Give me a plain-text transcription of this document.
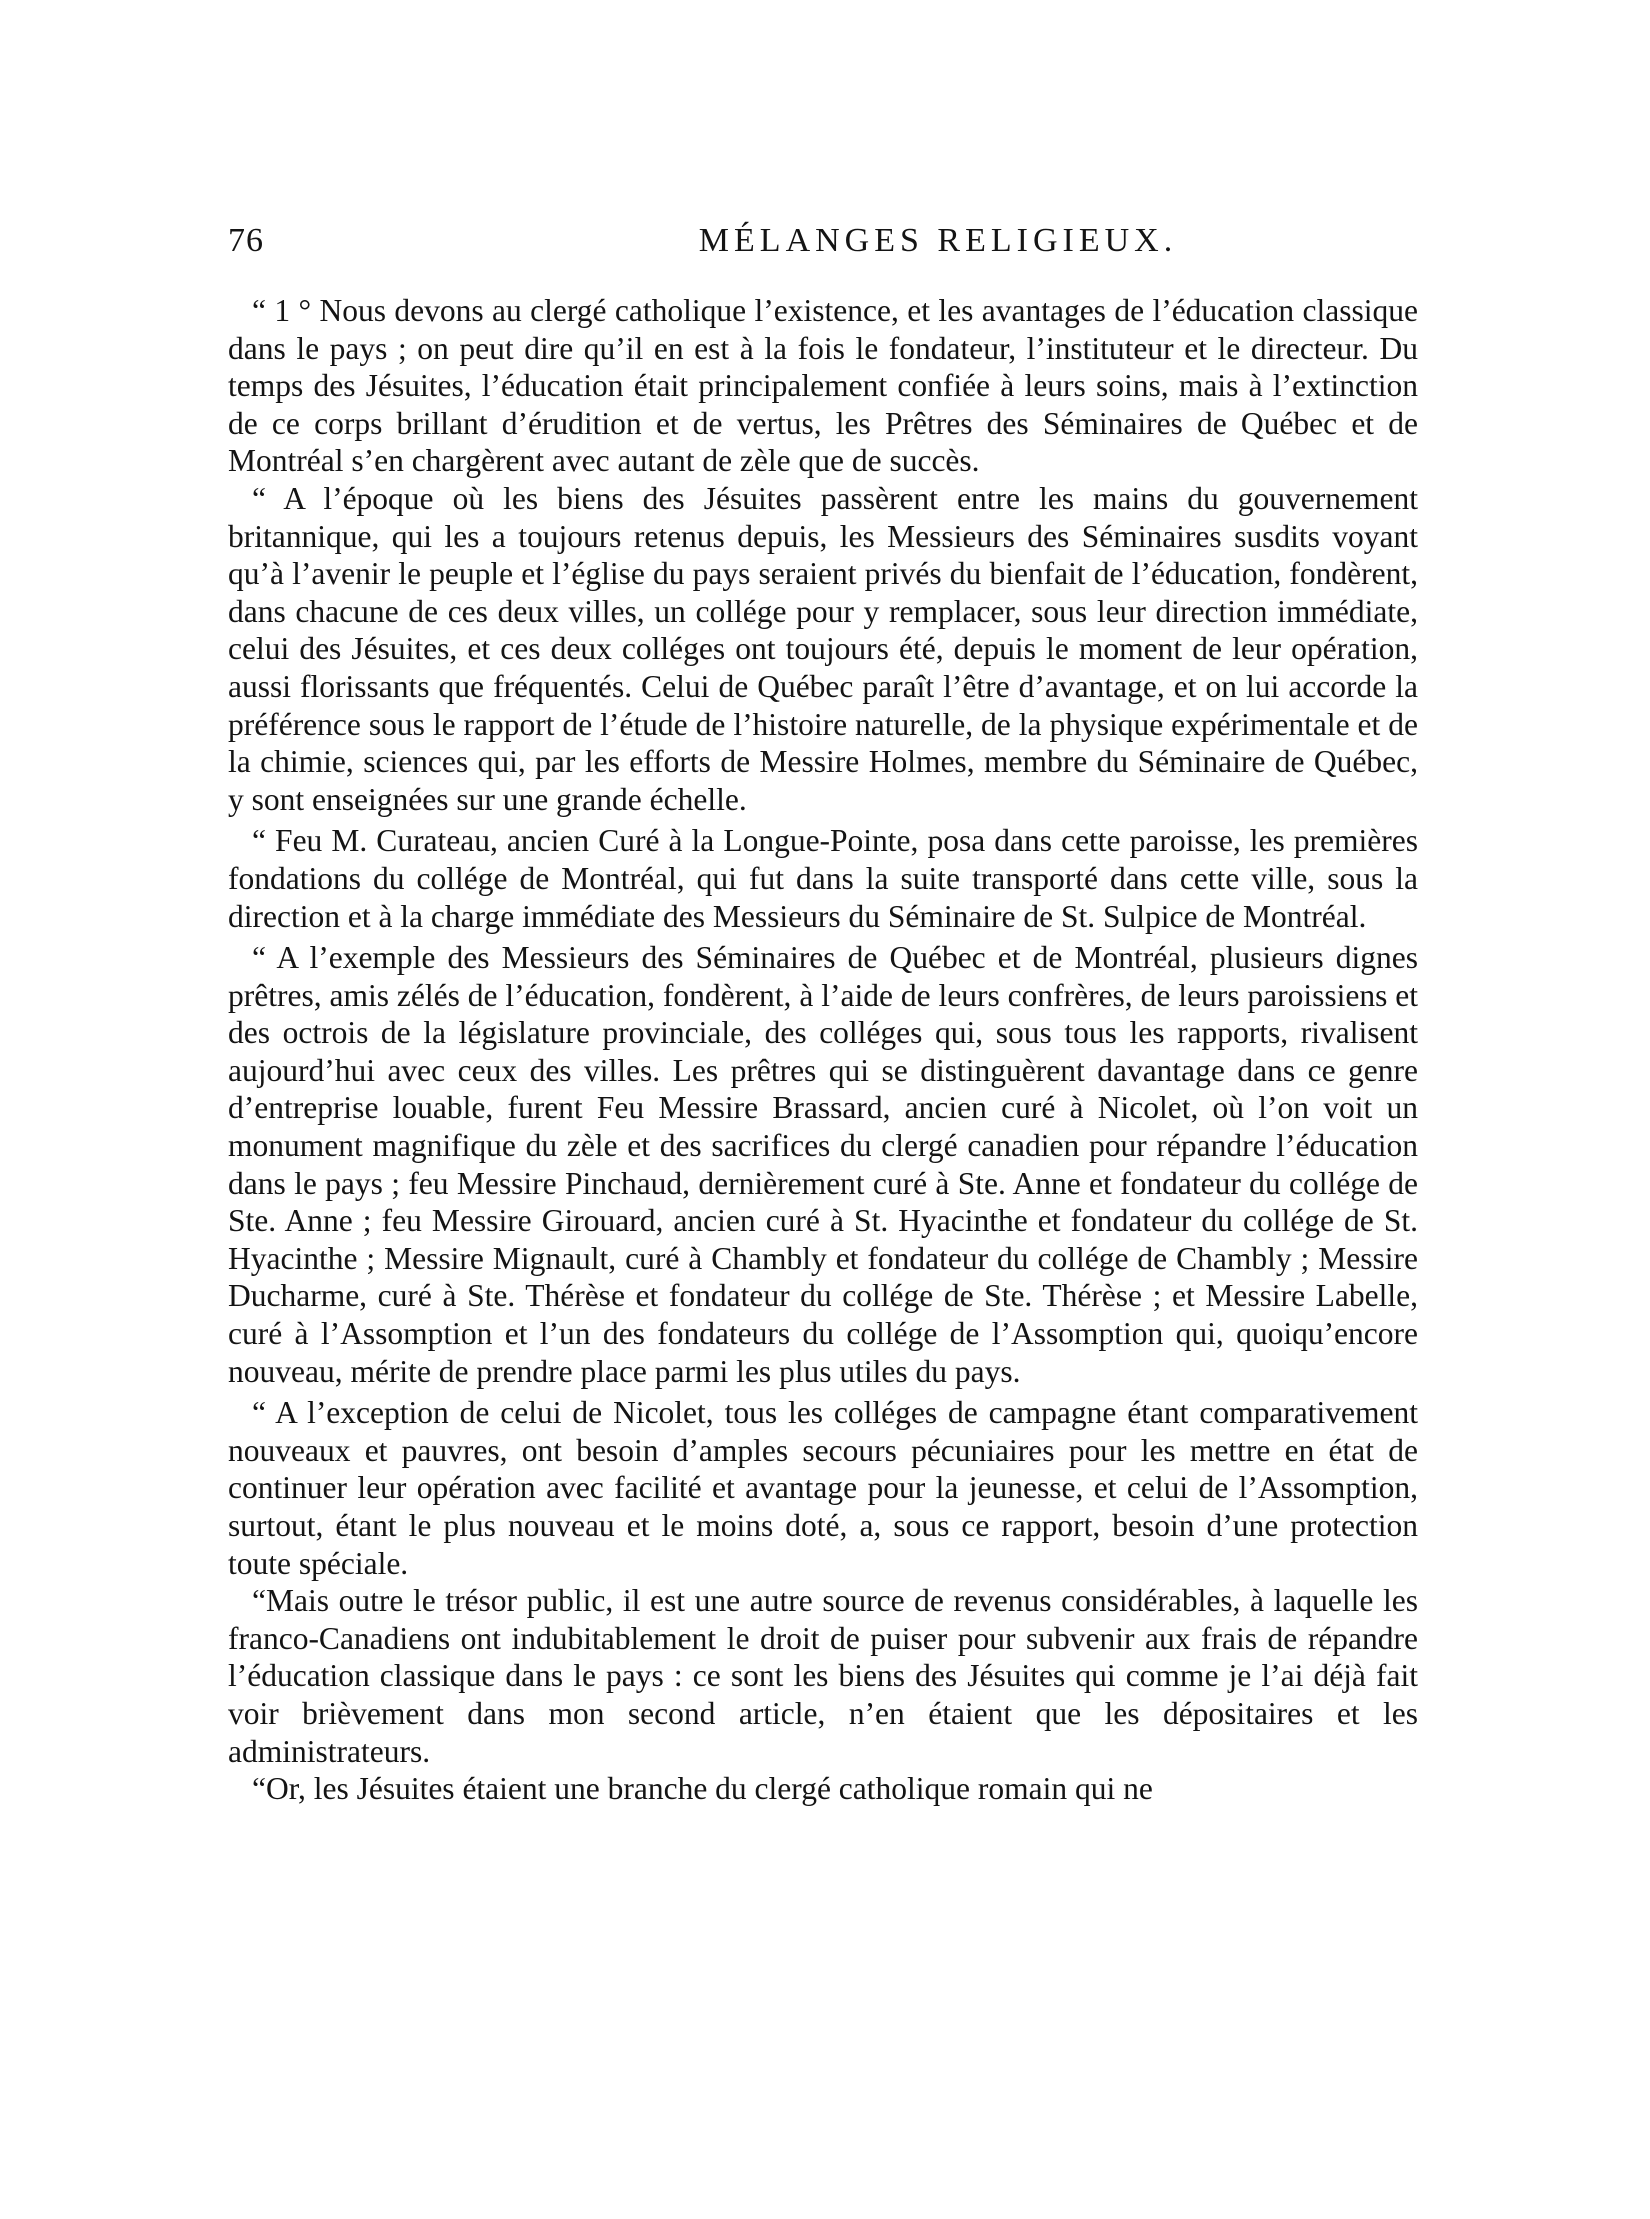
76	MÉLANGES RELIGIEUX.

“ 1 ° Nous devons au clergé catholique l’existence, et les avantages de l’éducation classique dans le pays ; on peut dire qu’il en est à la fois le fondateur, l’instituteur et le directeur. Du temps des Jésuites, l’éducation était principalement confiée à leurs soins, mais à l’extinction de ce corps brillant d’érudition et de vertus, les Prêtres des Séminaires de Québec et de Montréal s’en chargèrent avec autant de zèle que de succès.

“ A l’époque où les biens des Jésuites passèrent entre les mains du gouvernement britannique, qui les a toujours retenus depuis, les Messieurs des Séminaires susdits voyant qu’à l’avenir le peuple et l’église du pays seraient privés du bienfait de l’éducation, fondèrent, dans chacune de ces deux villes, un collége pour y remplacer, sous leur direction immédiate, celui des Jésuites, et ces deux colléges ont toujours été, depuis le moment de leur opération, aussi florissants que fréquentés. Celui de Québec paraît l’être d’avantage, et on lui accorde la préférence sous le rapport de l’étude de l’histoire naturelle, de la physique expérimentale et de la chimie, sciences qui, par les efforts de Messire Holmes, membre du Séminaire de Québec, y sont enseignées sur une grande échelle.

“ Feu M. Curateau, ancien Curé à la Longue-Pointe, posa dans cette paroisse, les premières fondations du collége de Montréal, qui fut dans la suite transporté dans cette ville, sous la direction et à la charge immédiate des Messieurs du Séminaire de St. Sulpice de Montréal.

“ A l’exemple des Messieurs des Séminaires de Québec et de Montréal, plusieurs dignes prêtres, amis zélés de l’éducation, fondèrent, à l’aide de leurs confrères, de leurs paroissiens et des octrois de la législature provinciale, des colléges qui, sous tous les rapports, rivalisent aujourd’hui avec ceux des villes. Les prêtres qui se distinguèrent davantage dans ce genre d’entreprise louable, furent Feu Messire Brassard, ancien curé à Nicolet, où l’on voit un monument magnifique du zèle et des sacrifices du clergé canadien pour répandre l’éducation dans le pays ; feu Messire Pinchaud, dernièrement curé à Ste. Anne et fondateur du collége de Ste. Anne ; feu Messire Girouard, ancien curé à St. Hyacinthe et fondateur du collége de St. Hyacinthe ; Messire Mignault, curé à Chambly et fondateur du collége de Chambly ; Messire Ducharme, curé à Ste. Thérèse et fondateur du collége de Ste. Thérèse ; et Messire Labelle, curé à l’Assomption et l’un des fondateurs du collége de l’Assomption qui, quoiqu’encore nouveau, mérite de prendre place parmi les plus utiles du pays.

“ A l’exception de celui de Nicolet, tous les colléges de campagne étant comparativement nouveaux et pauvres, ont besoin d’amples secours pécuniaires pour les mettre en état de continuer leur opération avec facilité et avantage pour la jeunesse, et celui de l’Assomption, surtout, étant le plus nouveau et le moins doté, a, sous ce rapport, besoin d’une protection toute spéciale.

“Mais outre le trésor public, il est une autre source de revenus considérables, à laquelle les franco-Canadiens ont indubitablement le droit de puiser pour subvenir aux frais de répandre l’éducation classique dans le pays : ce sont les biens des Jésuites qui comme je l’ai déjà fait voir brièvement dans mon second article, n’en étaient que les dépositaires et les administrateurs.

“Or, les Jésuites étaient une branche du clergé catholique romain qui ne
